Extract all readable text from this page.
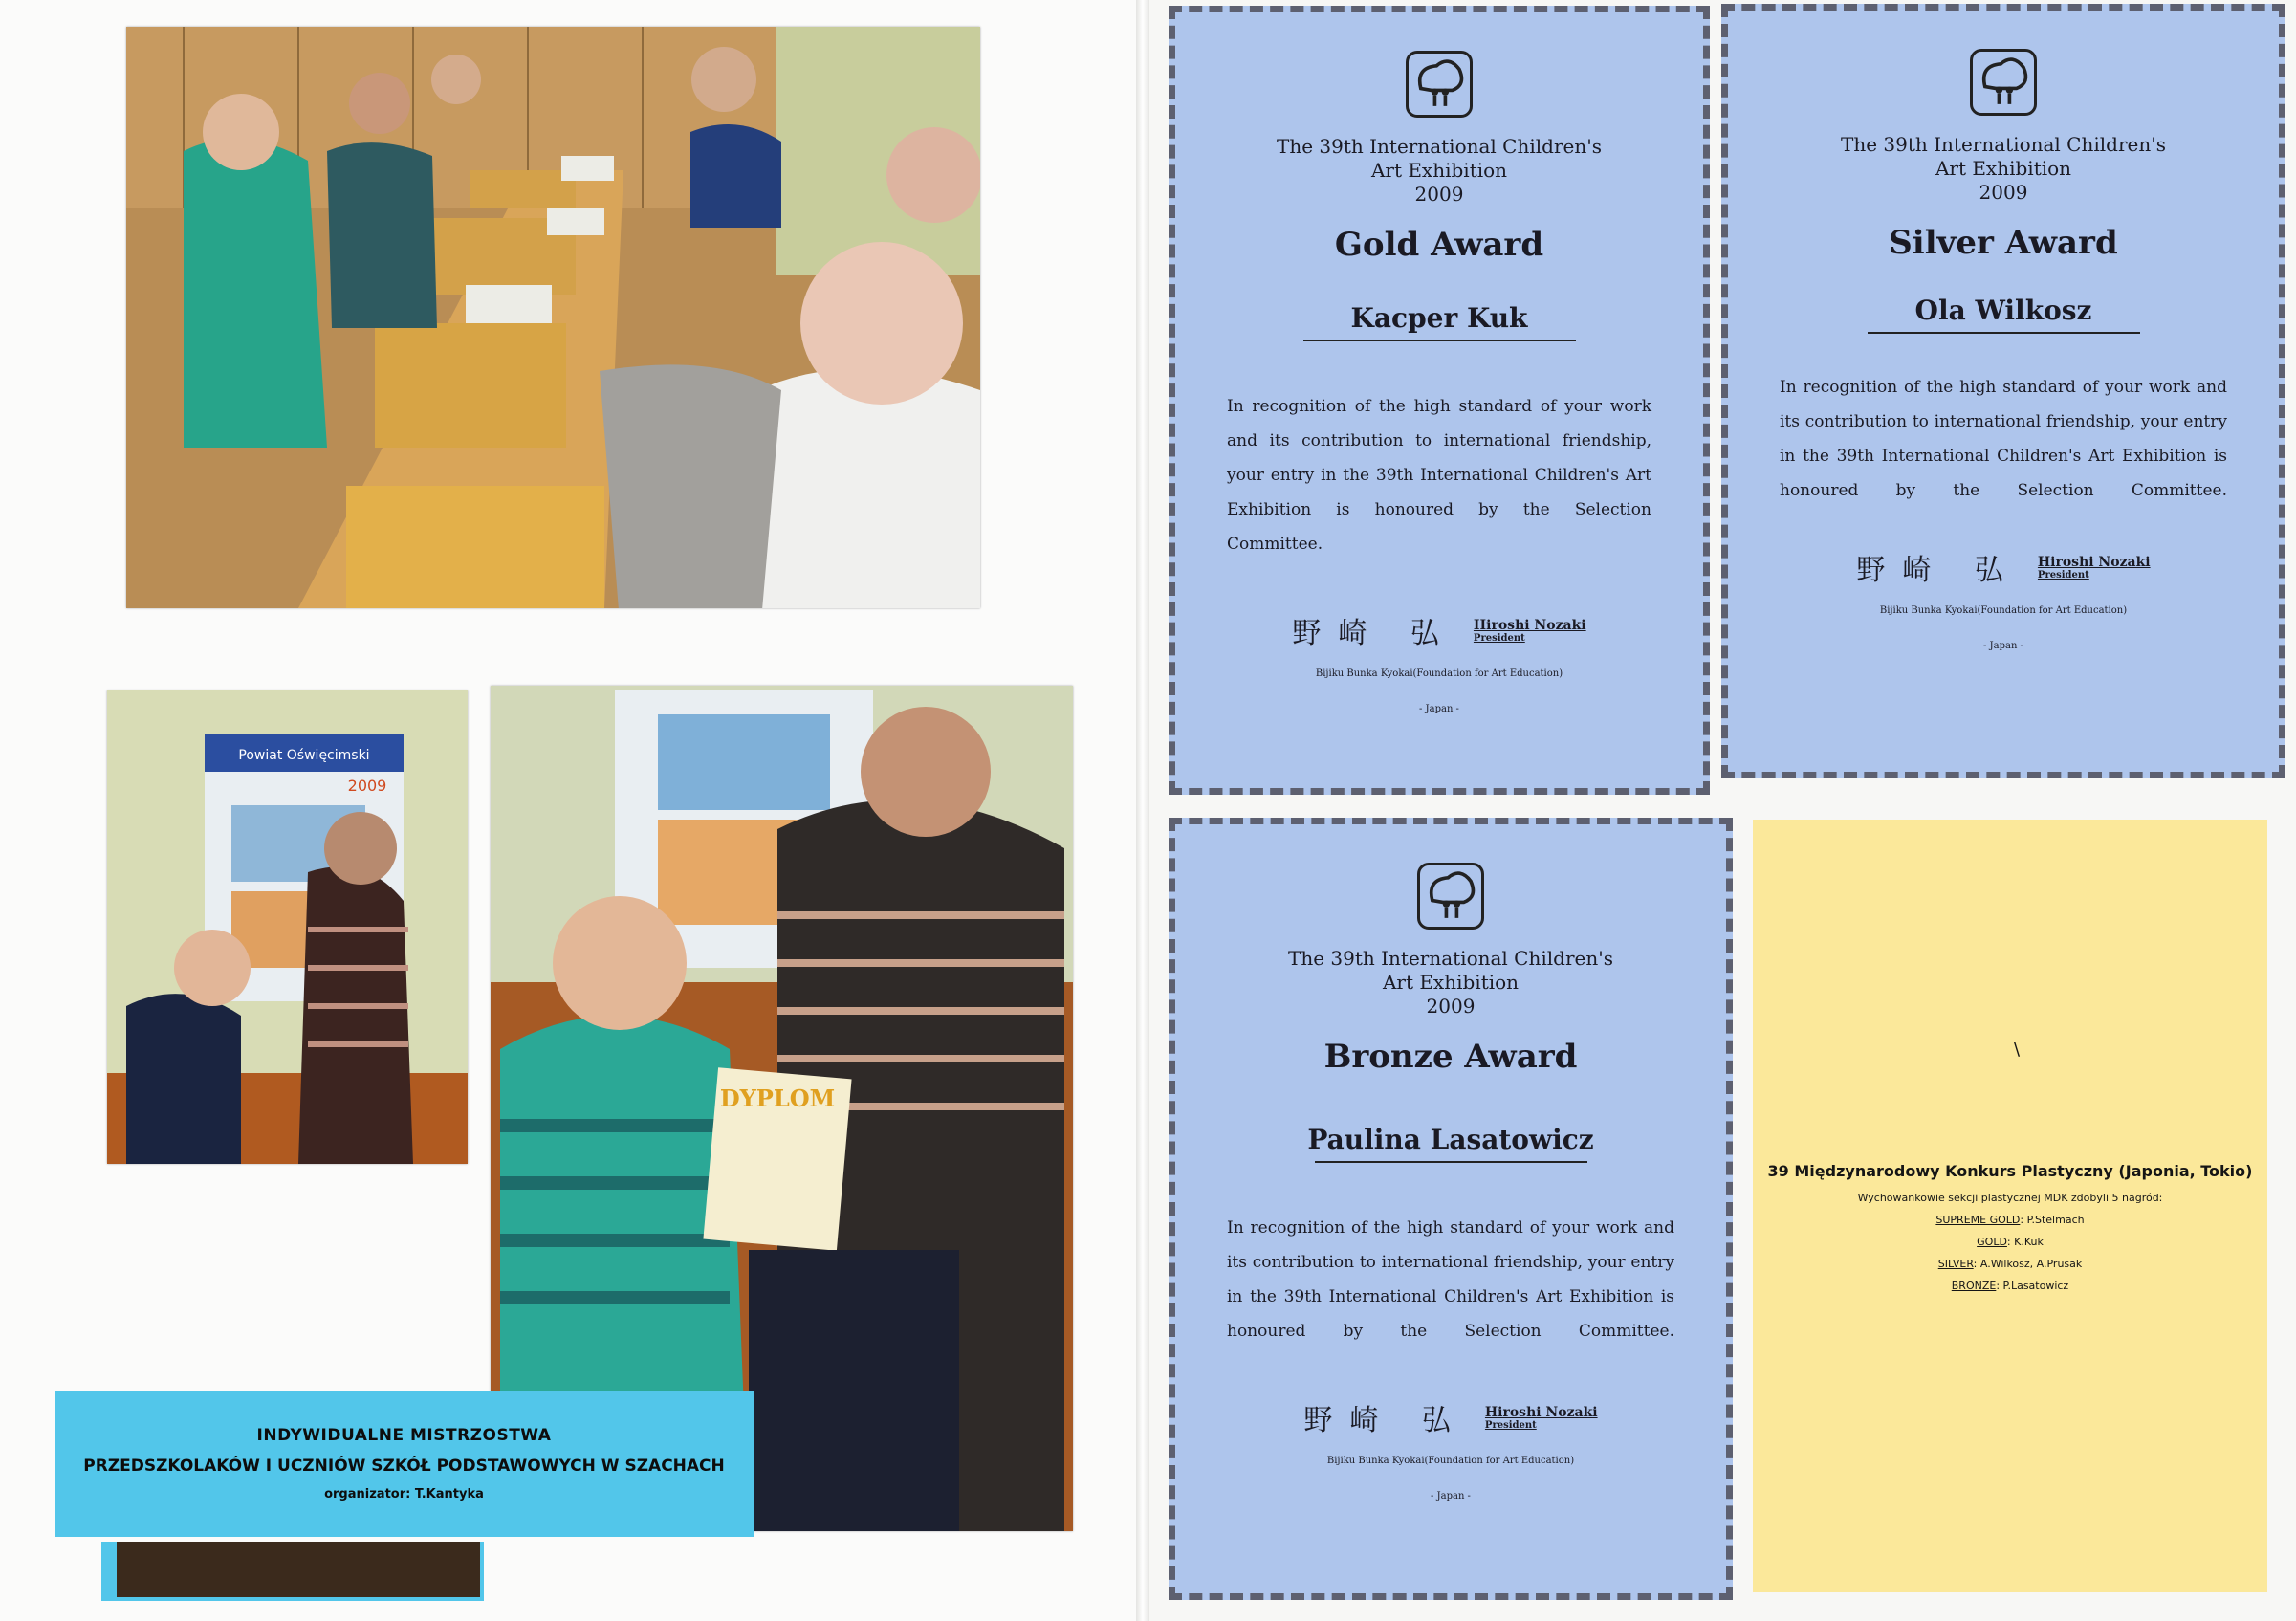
Powiat Oświęcimski
2009
DYPLOM
INDYWIDUALNE MISTRZOSTWA
PRZEDSZKOLAKÓW I UCZNIÓW SZKÓŁ PODSTAWOWYCH W SZACHACH
organizator: T.Kantyka
The 39th International Children's
Art Exhibition
2009
Gold Award
Kacper Kuk
In recognition of the high standard of your work and its contribution to international friendship, your entry in the 39th International Children's Art Exhibition is honoured by the Selection Committee.
野崎 弘 Hiroshi Nozaki
President
Bijiku Bunka Kyokai(Foundation for Art Education)
- Japan -
The 39th International Children's
Art Exhibition
2009
Silver Award
Ola Wilkosz
In recognition of the high standard of your work and its contribution to international friendship, your entry in the 39th International Children's Art Exhibition is honoured by the Selection Committee.
野崎 弘 Hiroshi Nozaki
President
Bijiku Bunka Kyokai(Foundation for Art Education)
- Japan -
The 39th International Children's
Art Exhibition
2009
Bronze Award
Paulina Lasatowicz
In recognition of the high standard of your work and its contribution to international friendship, your entry in the 39th International Children's Art Exhibition is honoured by the Selection Committee.
野崎 弘 Hiroshi Nozaki
President
Bijiku Bunka Kyokai(Foundation for Art Education)
- Japan -
\
39 Międzynarodowy Konkurs Plastyczny (Japonia, Tokio)
Wychowankowie sekcji plastycznej MDK zdobyli 5 nagród:
SUPREME GOLD: P.Stelmach
GOLD: K.Kuk
SILVER: A.Wilkosz, A.Prusak
BRONZE: P.Lasatowicz
